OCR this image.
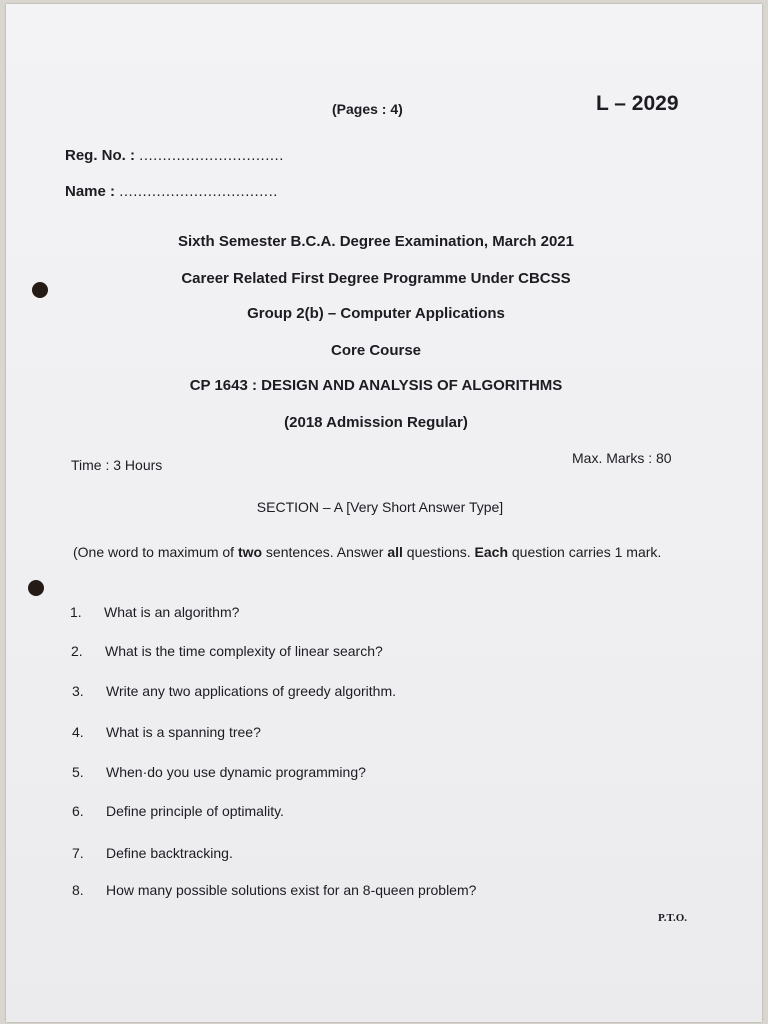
(Pages : 4)	L – 2029
Reg. No. : ...............................
Name : ..................................
Sixth Semester B.C.A. Degree Examination, March 2021
Career Related First Degree Programme Under CBCSS
Group 2(b) – Computer Applications
Core Course
CP 1643 : DESIGN AND ANALYSIS OF ALGORITHMS
(2018 Admission Regular)
Time : 3 Hours	Max. Marks : 80
SECTION – A [Very Short Answer Type]
(One word to maximum of two sentences. Answer all questions. Each question carries 1 mark.
1.	What is an algorithm?
2.	What is the time complexity of linear search?
3.	Write any two applications of greedy algorithm.
4.	What is a spanning tree?
5.	When·do you use dynamic programming?
6.	Define principle of optimality.
7.	Define backtracking.
8.	How many possible solutions exist for an 8-queen problem?
P.T.O.
